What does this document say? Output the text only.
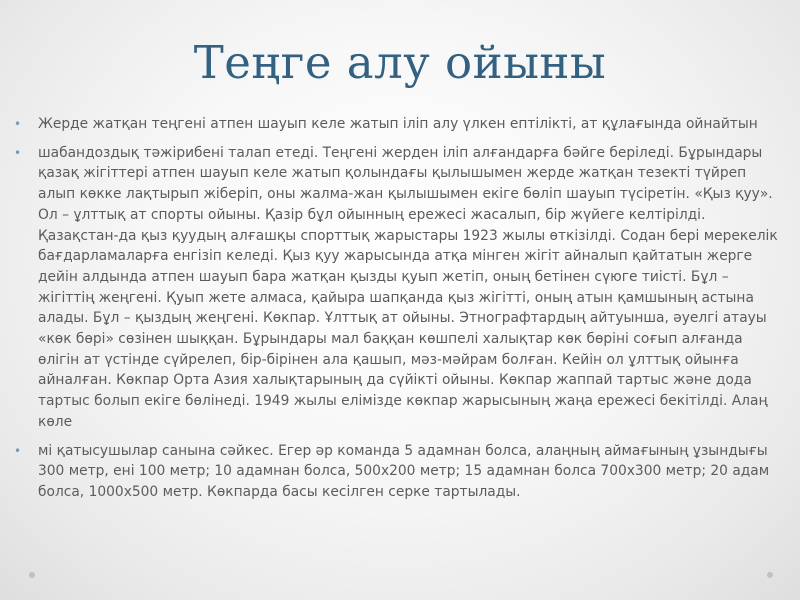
Теңге алу ойыны
•	Жерде жатқан теңгені атпен шауып келе жатып іліп алу үлкен ептілікті, ат құлағында ойнайтын
•	шабандоздық тәжірибені талап етеді. Теңгені жерден іліп алғандарға бәйге беріледі. Бұрындары қазақ жігіттері атпен шауып келе жатып қолындағы қылышымен жерде жатқан тезекті түйреп алып көкке лақтырып жіберіп, оны жалма-жан қылышымен екіге бөліп шауып түсіретін. «Қыз қуу». Ол – ұлттық ат спорты ойыны. Қазір бұл ойынның ережесі жасалып, бір жүйеге келтірілді. Қазақстан-да қыз қуудың алғашқы спорттық жарыстары 1923 жылы өткізілді. Содан бері мерекелік бағдарламаларға енгізіп келеді. Қыз қуу жарысында атқа мінген жігіт айналып қайтатын жерге дейін алдында атпен шауып бара жатқан қызды қуып жетіп, оның бетінен сүюге тиісті. Бұл – жігіттің жеңгені. Қуып жете алмаса, қайыра шапқанда қыз жігітті, оның атын қамшының астына алады. Бұл – қыздың жеңгені. Көкпар. Ұлттық ат ойыны. Этнографтардың айтуынша, әуелгі атауы «көк бөрі» сөзінен шыққан. Бұрындары мал баққан көшпелі халықтар көк бөріні соғып алғанда өлігін ат үстінде сүйрелеп, бір-бірінен ала қашып, мәз-мәйрам болған. Кейін ол ұлттық ойынға айналған. Көкпар Орта Азия халықтарының да сүйікті ойыны. Көкпар жаппай тартыс және дода тартыс болып екіге бөлінеді. 1949 жылы елімізде көкпар жарысының жаңа ережесі бекітілді. Алаң көле
•	мі қатысушылар санына сәйкес. Егер әр команда 5 адамнан болса, алаңның аймағының ұзындығы 300 метр, ені 100 метр; 10 адамнан болса, 500х200 метр; 15 адамнан болса 700х300 метр; 20 адам болса, 1000х500 метр. Көкпарда басы кесілген серке тартылады.
